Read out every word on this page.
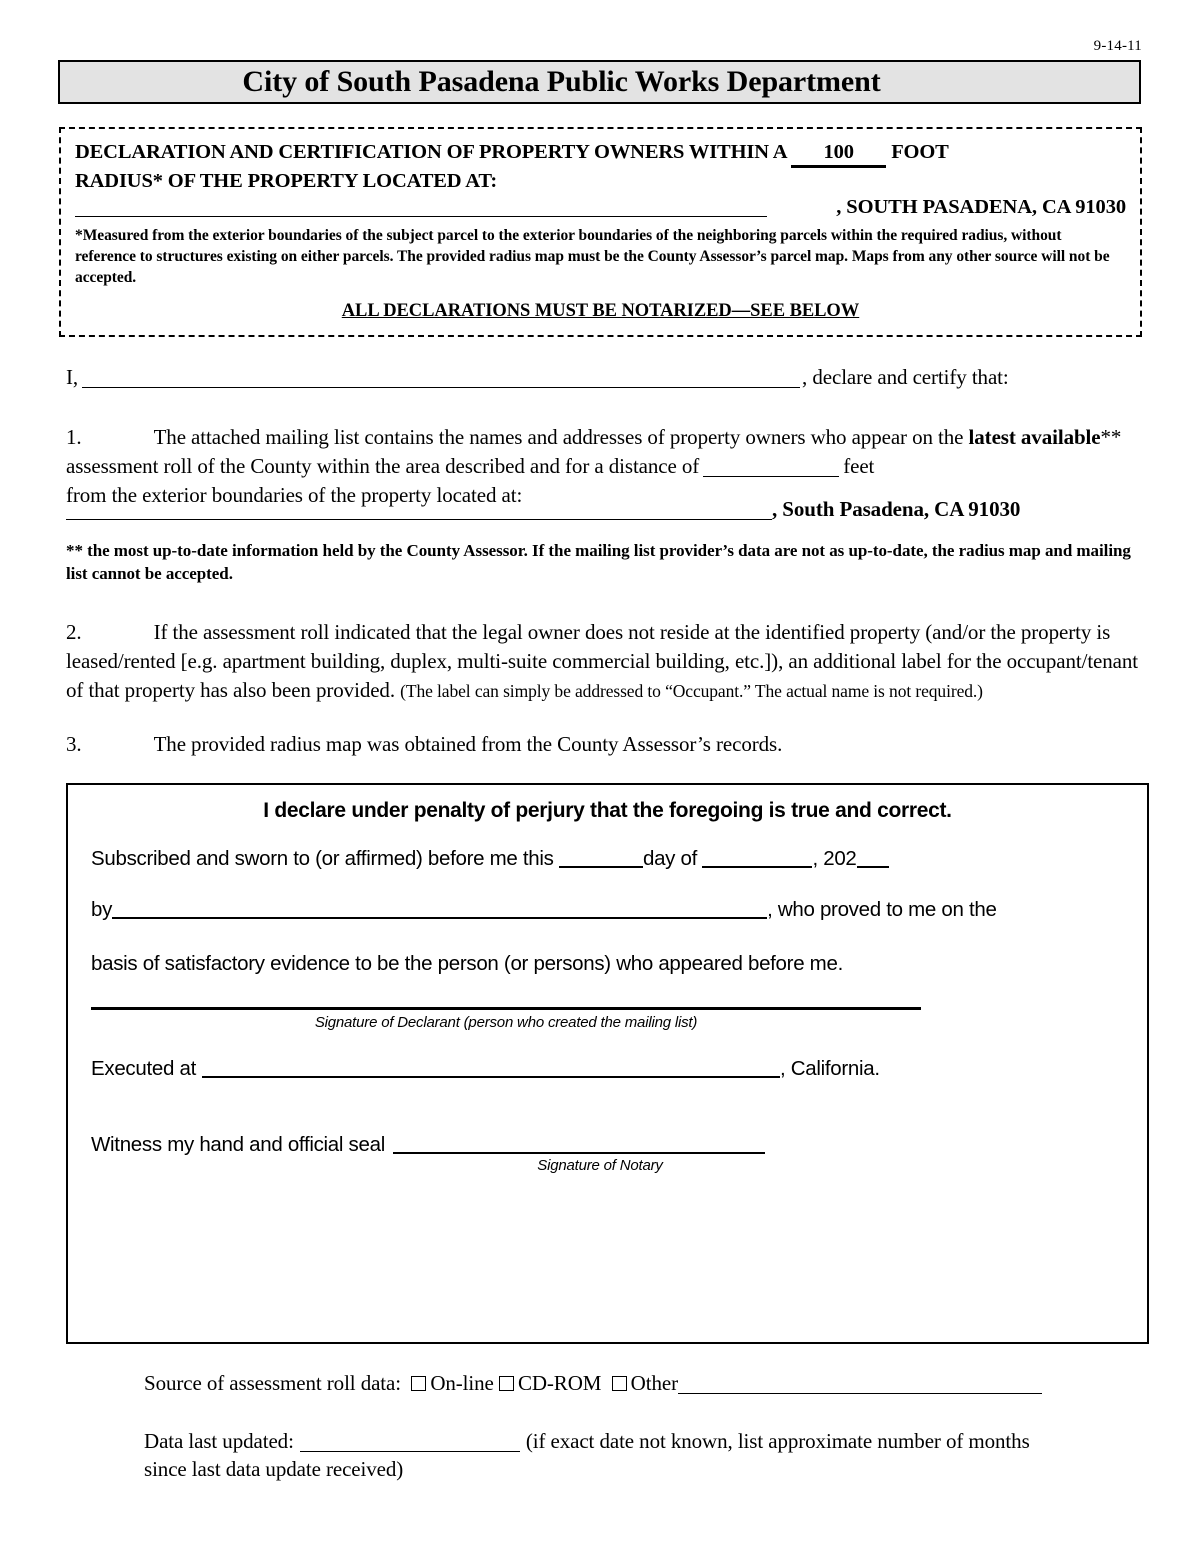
9-14-11
City of South Pasadena Public Works Department
DECLARATION AND CERTIFICATION OF PROPERTY OWNERS WITHIN A 100 FOOT
RADIUS* OF THE PROPERTY LOCATED AT:
, SOUTH PASADENA, CA 91030
*Measured from the exterior boundaries of the subject parcel to the exterior boundaries of the neighboring parcels within the required radius, without reference to structures existing on either parcels. The provided radius map must be the County Assessor’s parcel map. Maps from any other source will not be accepted.
ALL DECLARATIONS MUST BE NOTARIZED—SEE BELOW
I,	, declare and certify that:
1.	The attached mailing list contains the names and addresses of property owners who appear on the latest available** assessment roll of the County within the area described and for a distance of	feet
from the exterior boundaries of the property located at:
, South Pasadena, CA 91030
** the most up-to-date information held by the County Assessor. If the mailing list provider’s data are not as up-to-date, the radius map and mailing list cannot be accepted.
2.	If the assessment roll indicated that the legal owner does not reside at the identified property (and/or the property is leased/rented [e.g. apartment building, duplex, multi-suite commercial building, etc.]), an additional label for the occupant/tenant of that property has also been provided. (The label can simply be addressed to “Occupant.” The actual name is not required.)
3.	The provided radius map was obtained from the County Assessor’s records.
I declare under penalty of perjury that the foregoing is true and correct.
Subscribed and sworn to (or affirmed) before me this	day of	, 202
by	, who proved to me on the
basis of satisfactory evidence to be the person (or persons) who appeared before me.
Signature of Declarant (person who created the mailing list)
Executed at	, California.
Witness my hand and official seal
Signature of Notary
Source of assessment roll data: On-line CD-ROM Other
Data last updated:	(if exact date not known, list approximate number of months
since last data update received)
